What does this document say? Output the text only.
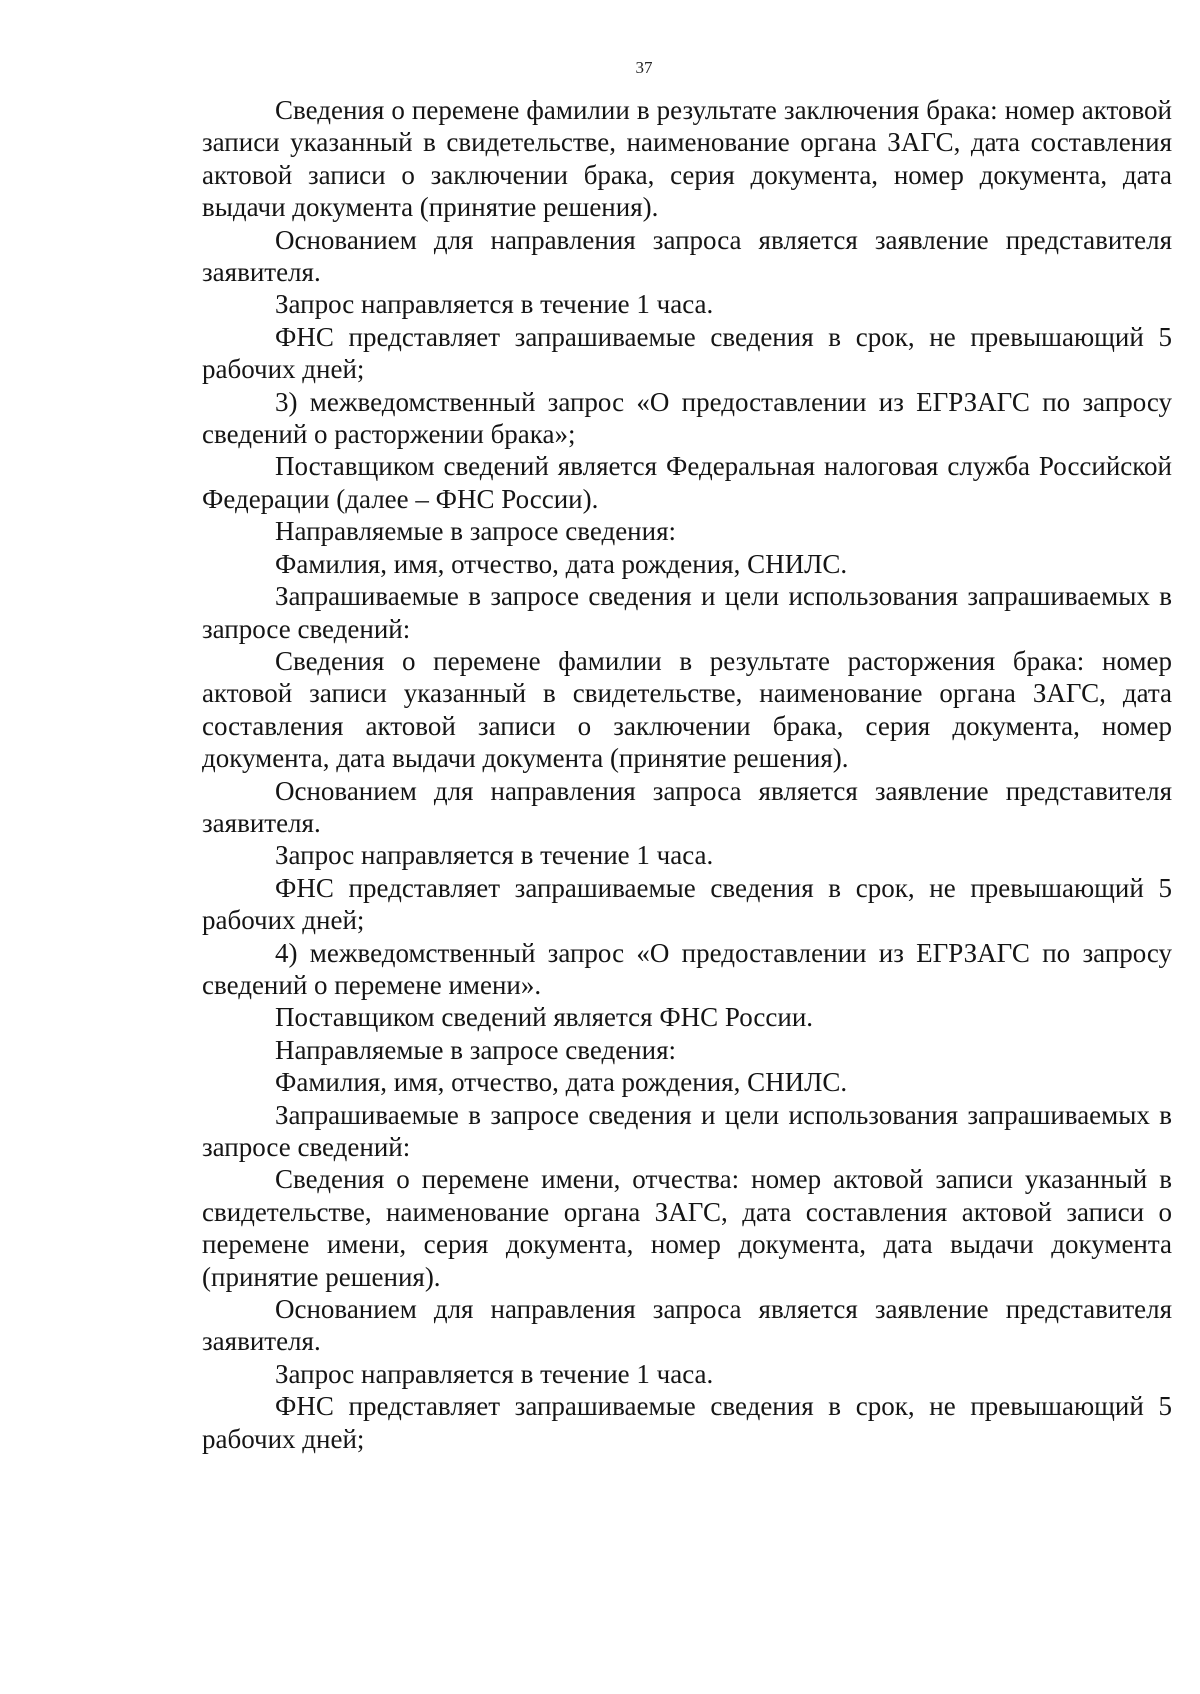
37

Сведения о перемене фамилии в результате заключения брака: номер актовой записи указанный в свидетельстве, наименование органа ЗАГС, дата составления актовой записи о заключении брака, серия документа, номер документа, дата выдачи документа (принятие решения).

Основанием для направления запроса является заявление представителя заявителя.

Запрос направляется в течение 1 часа.

ФНС представляет запрашиваемые сведения в срок, не превышающий 5 рабочих дней;

3) межведомственный запрос «О предоставлении из ЕГРЗАГС по запросу сведений о расторжении брака»;

Поставщиком сведений является Федеральная налоговая служба Российской Федерации (далее – ФНС России).

Направляемые в запросе сведения:

Фамилия, имя, отчество, дата рождения, СНИЛС.

Запрашиваемые в запросе сведения и цели использования запрашиваемых в запросе сведений:

Сведения о перемене фамилии в результате расторжения брака: номер актовой записи указанный в свидетельстве, наименование органа ЗАГС, дата составления актовой записи о заключении брака, серия документа, номер документа, дата выдачи документа (принятие решения).

Основанием для направления запроса является заявление представителя заявителя.

Запрос направляется в течение 1 часа.

ФНС представляет запрашиваемые сведения в срок, не превышающий 5 рабочих дней;

4) межведомственный запрос «О предоставлении из ЕГРЗАГС по запросу сведений о перемене имени».

Поставщиком сведений является ФНС России.

Направляемые в запросе сведения:

Фамилия, имя, отчество, дата рождения, СНИЛС.

Запрашиваемые в запросе сведения и цели использования запрашиваемых в запросе сведений:

Сведения о перемене имени, отчества: номер актовой записи указанный в свидетельстве, наименование органа ЗАГС, дата составления актовой записи о перемене имени, серия документа, номер документа, дата выдачи документа (принятие решения).

Основанием для направления запроса является заявление представителя заявителя.

Запрос направляется в течение 1 часа.

ФНС представляет запрашиваемые сведения в срок, не превышающий 5 рабочих дней;
